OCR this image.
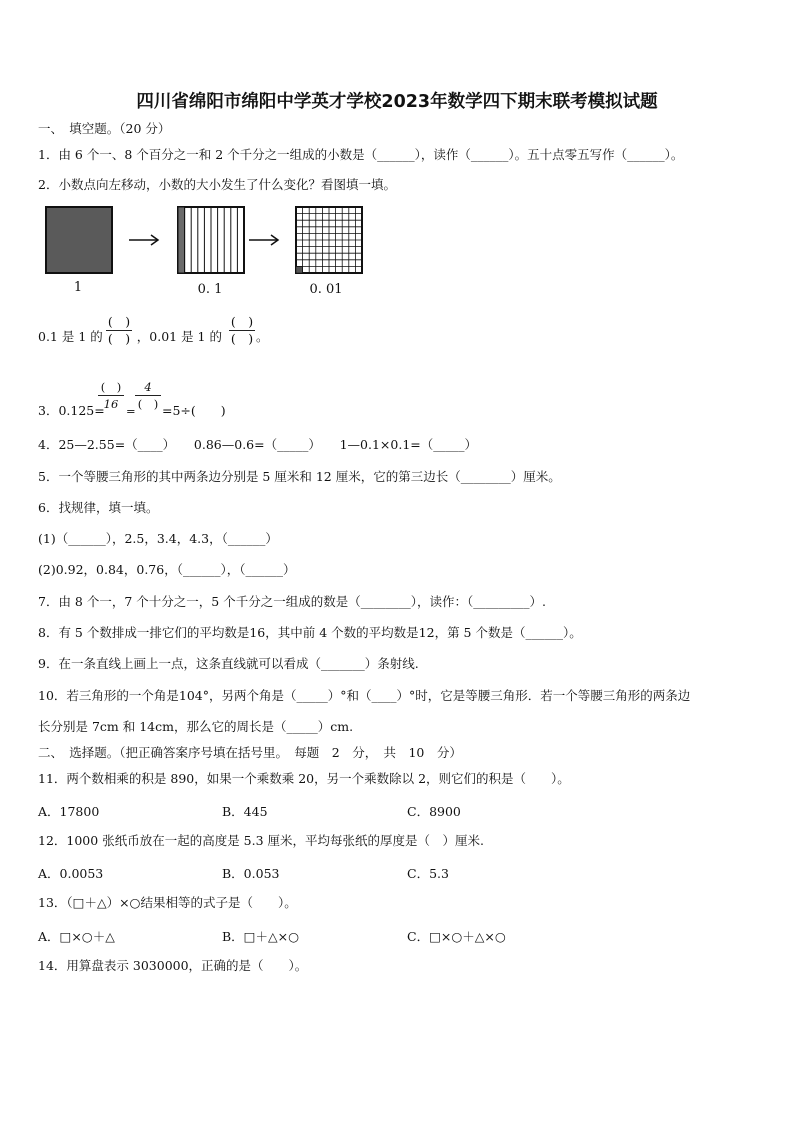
四川省绵阳市绵阳中学英才学校2023年数学四下期末联考模拟试题
一、　填空题。（20 分）
1．由 6 个一、8 个百分之一和 2 个千分之一组成的小数是（______），读作（______）。五十点零五写作（______）。
2．小数点向左移动，小数的大小发生了什么变化？看图填一填。
1	0. 1	0. 01
0.1 是 1 的	，0.01 是 1 的	。
(　)
(　)
(　)
(　)
3．0.125=
(　)
16 =
4
(　) =5÷(　　)
4．25—2.55=（____）　　0.86—0.6=（_____）　　1—0.1×0.1=（_____）
5．一个等腰三角形的其中两条边分别是 5 厘米和 12 厘米，它的第三边长（________）厘米。
6．找规律，填一填。
(1)（______），2.5，3.4，4.3，（______）
(2)0.92，0.84，0.76，（______），（______）
7．由 8 个一，7 个十分之一，5 个千分之一组成的数是（________），读作：（_________）.
8．有 5 个数排成一排它们的平均数是16，其中前 4 个数的平均数是12，第 5 个数是（______）。
9．在一条直线上画上一点，这条直线就可以看成（_______）条射线.
10．若三角形的一个角是104°，另两个角是（_____）°和（____）°时，它是等腰三角形．若一个等腰三角形的两条边
长分别是 7cm 和 14cm，那么它的周长是（_____）cm.
二、　选择题。（把正确答案序号填在括号里。　每题　2　分，　共　10　分）
11．两个数相乘的积是 890，如果一个乘数乘 20，另一个乘数除以 2，则它们的积是（　　）。
A．17800	B．445	C．8900
12．1000 张纸币放在一起的高度是 5.3 厘米，平均每张纸的厚度是（　）厘米.
A．0.0053	B．0.053	C．5.3
13．（□＋△）×○结果相等的式子是（　　）。
A．□×○＋△	B．□＋△×○	C．□×○＋△×○
14．用算盘表示 3030000，正确的是（　　）。
